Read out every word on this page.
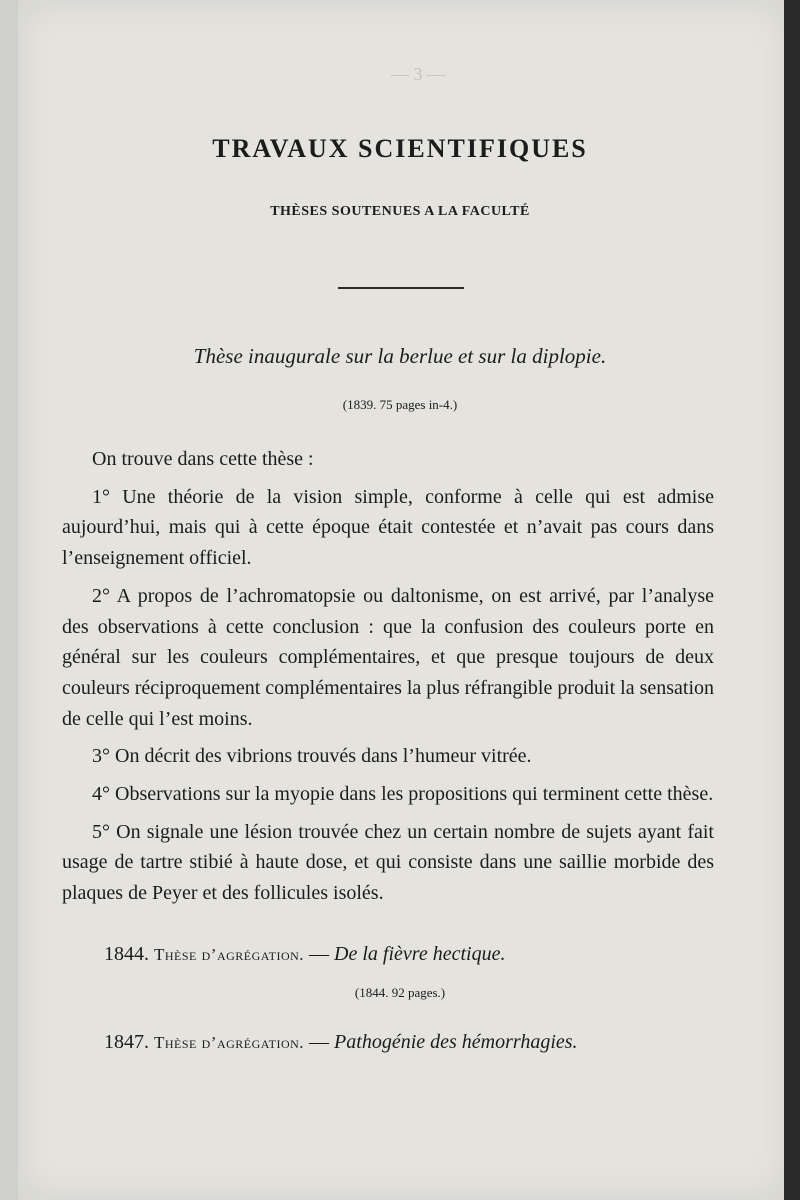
— 3 —
TRAVAUX SCIENTIFIQUES
THÈSES SOUTENUES A LA FACULTÉ
Thèse inaugurale sur la berlue et sur la diplopie.
(1839. 75 pages in-4.)

On trouve dans cette thèse :

1° Une théorie de la vision simple, conforme à celle qui est admise aujourd’hui, mais qui à cette époque était contestée et n’avait pas cours dans l’enseignement officiel.

2° A propos de l’achromatopsie ou daltonisme, on est arrivé, par l’analyse des observations à cette conclusion : que la confusion des couleurs porte en général sur les couleurs complémentaires, et que presque toujours de deux couleurs réciproquement complémentaires la plus réfrangible produit la sensation de celle qui l’est moins.

3° On décrit des vibrions trouvés dans l’humeur vitrée.

4° Observations sur la myopie dans les propositions qui terminent cette thèse.

5° On signale une lésion trouvée chez un certain nombre de sujets ayant fait usage de tartre stibié à haute dose, et qui consiste dans une saillie morbide des plaques de Peyer et des follicules isolés.

1844. Thèse d’agrégation. — De la fièvre hectique.
(1844. 92 pages.)
1847. Thèse d’agrégation. — Pathogénie des hémorrhagies.
